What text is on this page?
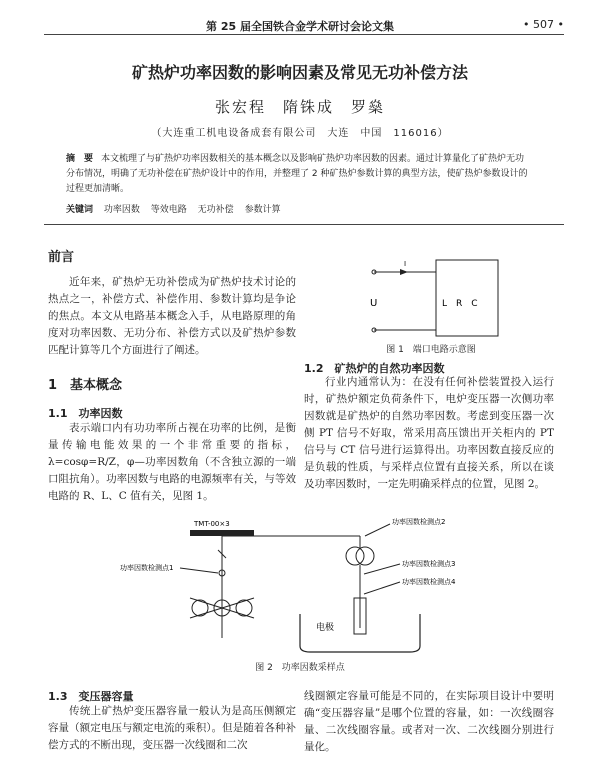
第 25 届全国铁合金学术研讨会论文集	• 507 •
矿热炉功率因数的影响因素及常见无功补偿方法
张宏程　隋铢成　罗燊
（大连重工机电设备成套有限公司　大连　中国　116016）
摘　要 本文梳理了与矿热炉功率因数相关的基本概念以及影响矿热炉功率因数的因素。通过计算量化了矿热炉无功分布情况，明确了无功补偿在矿热炉设计中的作用，并整理了 2 种矿热炉参数计算的典型方法，使矿热炉参数设计的过程更加清晰。
关键词 功率因数 等效电路 无功补偿 参数计算
前言
近年来，矿热炉无功补偿成为矿热炉技术讨论的热点之一，补偿方式、补偿作用、参数计算均是争论的焦点。本文从电路基本概念入手，从电路原理的角度对功率因数、无功分布、补偿方式以及矿热炉参数匹配计算等几个方面进行了阐述。
1　基本概念
1.1　功率因数
表示端口内有功功率所占视在功率的比例，是衡量传输电能效果的一个非常重要的指标，λ=cosφ=R/Z，φ—功率因数角（不含独立源的一端口阻抗角）。功率因数与电路的电源频率有关，与等效电路的 R、L、C 值有关，见图 1。
I
U	L　R　C
图 1　端口电路示意图
1.2　矿热炉的自然功率因数
行业内通常认为：在没有任何补偿装置投入运行时，矿热炉额定负荷条件下，电炉变压器一次侧功率因数就是矿热炉的自然功率因数。考虑到变压器一次侧 PT 信号不好取，常采用高压馈出开关柜内的 PT 信号与 CT 信号进行运算得出。功率因数直接反应的是负载的性质，与采样点位置有直接关系，所以在谈及功率因数时，一定先明确采样点的位置，见图 2。
TMT-00×3
功率因数检测点1
功率因数检测点2
功率因数检测点3
功率因数检测点4
电极
图 2　功率因数采样点
1.3　变压器容量
传统上矿热炉变压器容量一般认为是高压侧额定容量（额定电压与额定电流的乘积）。但是随着各种补偿方式的不断出现，变压器一次线圈和二次
线圈额定容量可能是不同的，在实际项目设计中要明确“变压器容量”是哪个位置的容量，如：一次线圈容量、二次线圈容量。或者对一次、二次线圈分别进行量化。
